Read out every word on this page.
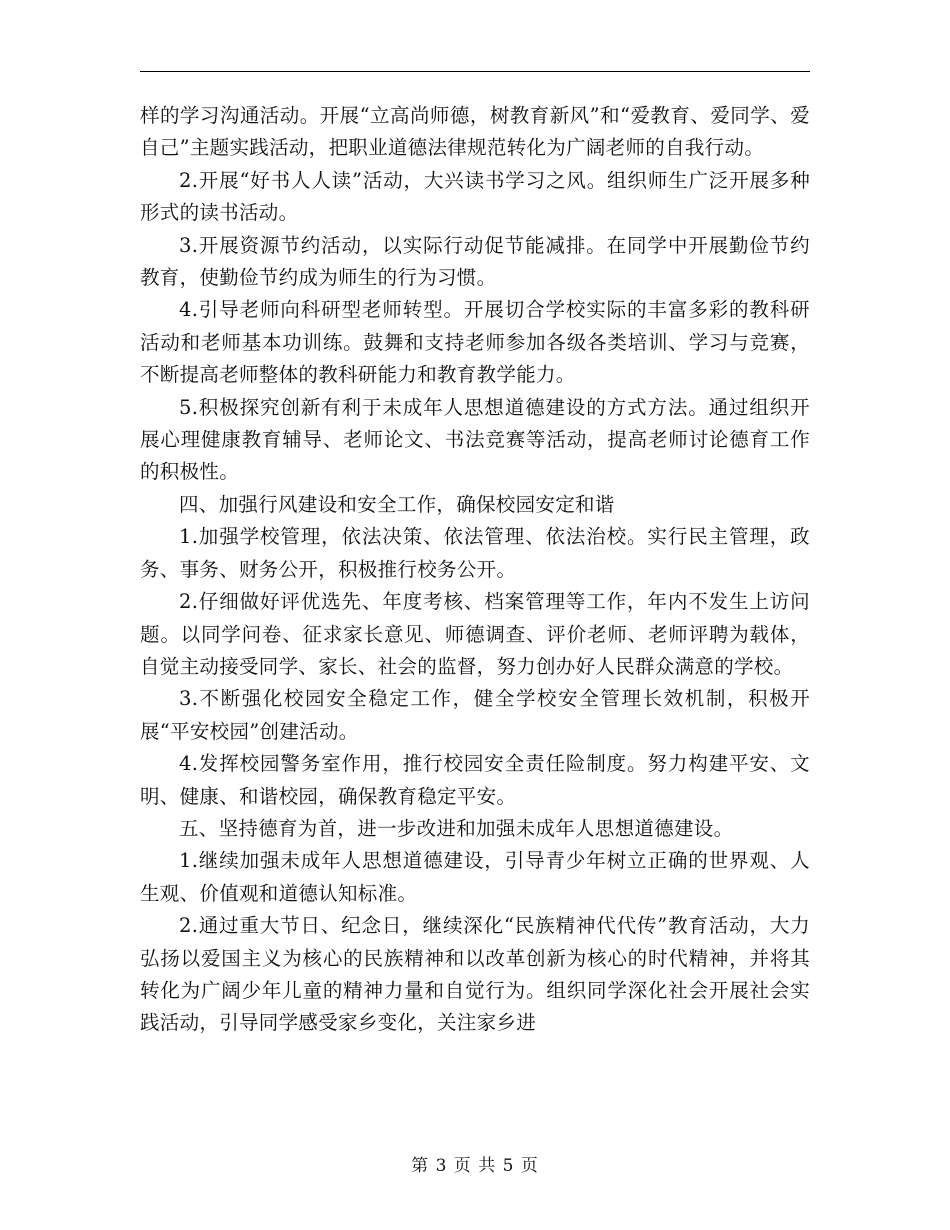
样的学习沟通活动。开展“立高尚师德，树教育新风”和“爱教育、爱同学、爱自己”主题实践活动，把职业道德法律规范转化为广阔老师的自我行动。

2.开展“好书人人读”活动，大兴读书学习之风。组织师生广泛开展多种形式的读书活动。

3.开展资源节约活动，以实际行动促节能减排。在同学中开展勤俭节约教育，使勤俭节约成为师生的行为习惯。

4.引导老师向科研型老师转型。开展切合学校实际的丰富多彩的教科研活动和老师基本功训练。鼓舞和支持老师参加各级各类培训、学习与竞赛，不断提高老师整体的教科研能力和教育教学能力。

5.积极探究创新有利于未成年人思想道德建设的方式方法。通过组织开展心理健康教育辅导、老师论文、书法竞赛等活动，提高老师讨论德育工作的积极性。

四、加强行风建设和安全工作，确保校园安定和谐

1.加强学校管理，依法决策、依法管理、依法治校。实行民主管理，政务、事务、财务公开，积极推行校务公开。

2.仔细做好评优选先、年度考核、档案管理等工作，年内不发生上访问题。以同学问卷、征求家长意见、师德调查、评价老师、老师评聘为载体，自觉主动接受同学、家长、社会的监督，努力创办好人民群众满意的学校。

3.不断强化校园安全稳定工作，健全学校安全管理长效机制，积极开展“平安校园”创建活动。

4.发挥校园警务室作用，推行校园安全责任险制度。努力构建平安、文明、健康、和谐校园，确保教育稳定平安。

五、坚持德育为首，进一步改进和加强未成年人思想道德建设。

1.继续加强未成年人思想道德建设，引导青少年树立正确的世界观、人生观、价值观和道德认知标准。

2.通过重大节日、纪念日，继续深化“民族精神代代传”教育活动，大力弘扬以爱国主义为核心的民族精神和以改革创新为核心的时代精神，并将其转化为广阔少年儿童的精神力量和自觉行为。组织同学深化社会开展社会实践活动，引导同学感受家乡变化，关注家乡进

第 3 页 共 5 页
